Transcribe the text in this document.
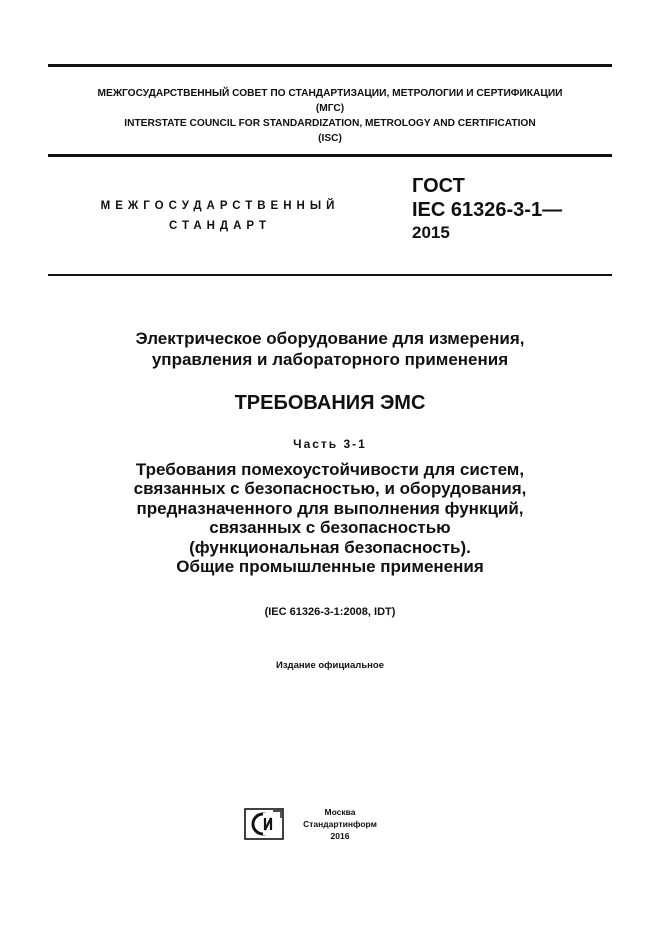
МЕЖГОСУДАРСТВЕННЫЙ СОВЕТ ПО СТАНДАРТИЗАЦИИ, МЕТРОЛОГИИ И СЕРТИФИКАЦИИ
(МГС)
INTERSTATE COUNCIL FOR STANDARDIZATION, METROLOGY AND CERTIFICATION
(ISC)
МЕЖГОСУДАРСТВЕННЫЙ
СТАНДАРТ
ГОСТ
IEC 61326-3-1—
2015
Электрическое оборудование для измерения,
управления и лабораторного применения
ТРЕБОВАНИЯ ЭМС
Часть 3-1
Требования помехоустойчивости для систем,
связанных с безопасностью, и оборудования,
предназначенного для выполнения функций,
связанных с безопасностью
(функциональная безопасность).
Общие промышленные применения
(IEC 61326-3-1:2008, IDT)
Издание официальное
Москва
Стандартинформ
2016
